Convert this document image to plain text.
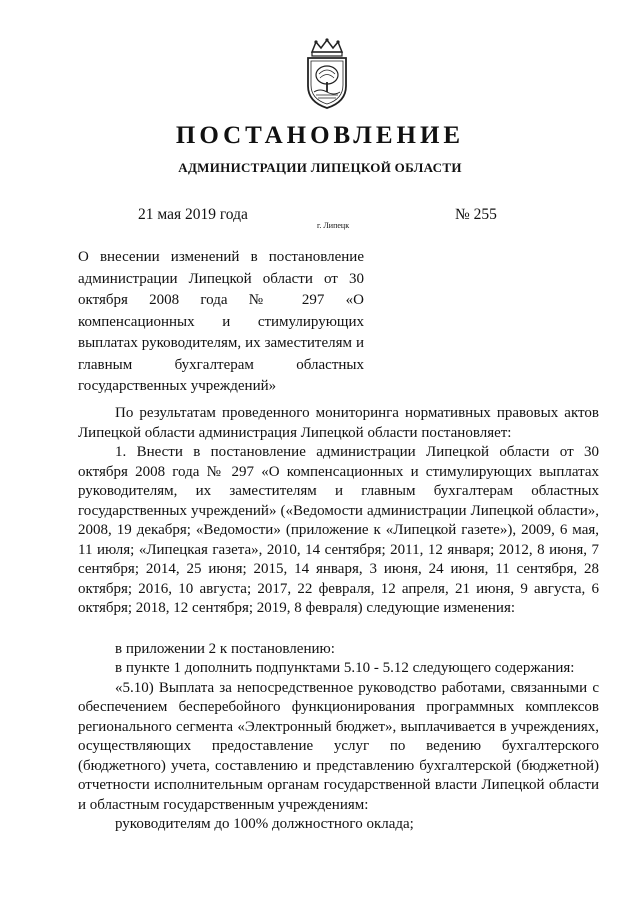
ПОСТАНОВЛЕНИЕ
АДМИНИСТРАЦИИ ЛИПЕЦКОЙ ОБЛАСТИ
21 мая 2019 года
г. Липецк
№ 255
О внесении изменений в постановление администрации Липецкой области от 30 октября 2008 года № 297 «О компенсационных и стимулирующих выплатах руководителям, их заместителям и главным бухгалтерам областных государственных учреждений»

По результатам проведенного мониторинга нормативных правовых актов Липецкой области администрация Липецкой области постановляет:

1. Внести в постановление администрации Липецкой области от 30 октября 2008 года № 297 «О компенсационных и стимулирующих выплатах руководителям, их заместителям и главным бухгалтерам областных государственных учреждений» («Ведомости администрации Липецкой области», 2008, 19 декабря; «Ведомости» (приложение к «Липецкой газете»), 2009, 6 мая, 11 июля; «Липецкая газета», 2010, 14 сентября; 2011, 12 января; 2012, 8 июня, 7 сентября; 2014, 25 июня; 2015, 14 января, 3 июня, 24 июня, 11 сентября, 28 октября; 2016, 10 августа; 2017, 22 февраля, 12 апреля, 21 июня, 9 августа, 6 октября; 2018, 12 сентября; 2019, 8 февраля) следующие изменения:

в приложении 2 к постановлению:

в пункте 1 дополнить подпунктами 5.10 - 5.12 следующего содержания:

«5.10) Выплата за непосредственное руководство работами, связанными с обеспечением бесперебойного функционирования программных комплексов регионального сегмента «Электронный бюджет», выплачивается в учреждениях, осуществляющих предоставление услуг по ведению бухгалтерского (бюджетного) учета, составлению и представлению бухгалтерской (бюджетной) отчетности исполнительным органам государственной власти Липецкой области и областным государственным учреждениям:

руководителям до 100% должностного оклада;
